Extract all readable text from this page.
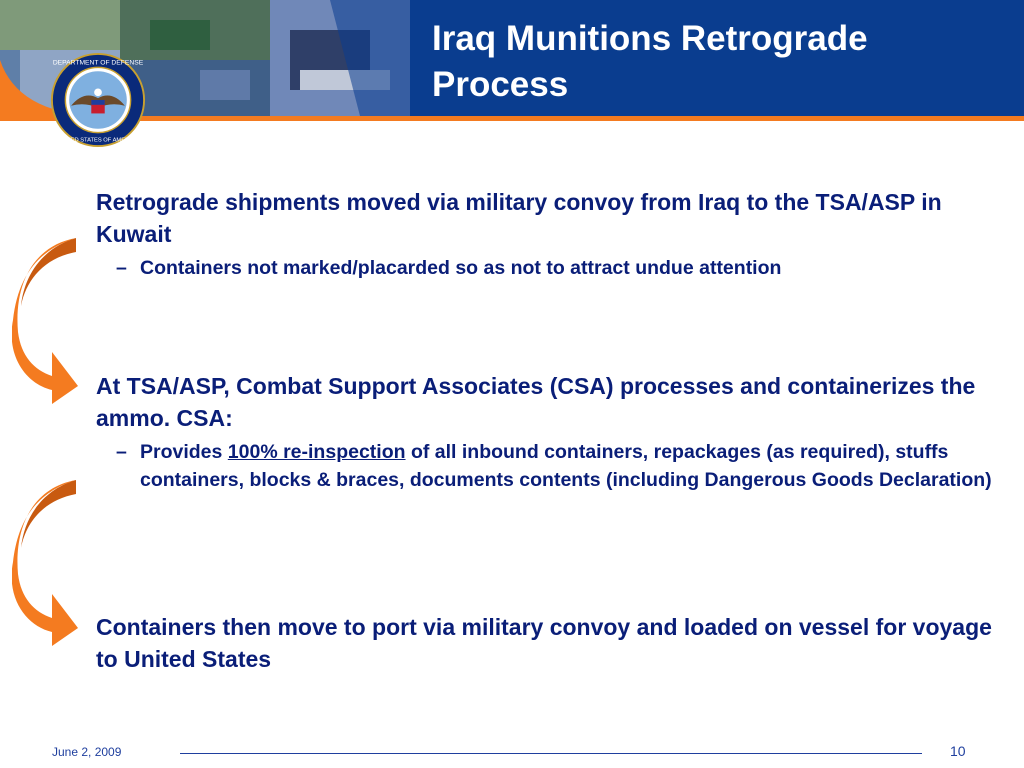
DEPARTMENT OF DEFENSE
UNITED STATES OF AMERICA
Iraq Munitions Retrograde Process

Retrograde shipments moved via military convoy from Iraq to the TSA/ASP in Kuwait

– Containers not marked/placarded so as not to attract undue attention

At TSA/ASP, Combat Support Associates (CSA) processes and containerizes the ammo. CSA:

– Provides 100% re-inspection of all inbound containers, repackages (as required), stuffs containers, blocks & braces, documents contents (including Dangerous Goods Declaration)

Containers then move to port via military convoy and loaded on vessel for voyage to United States

June 2, 2009	10
